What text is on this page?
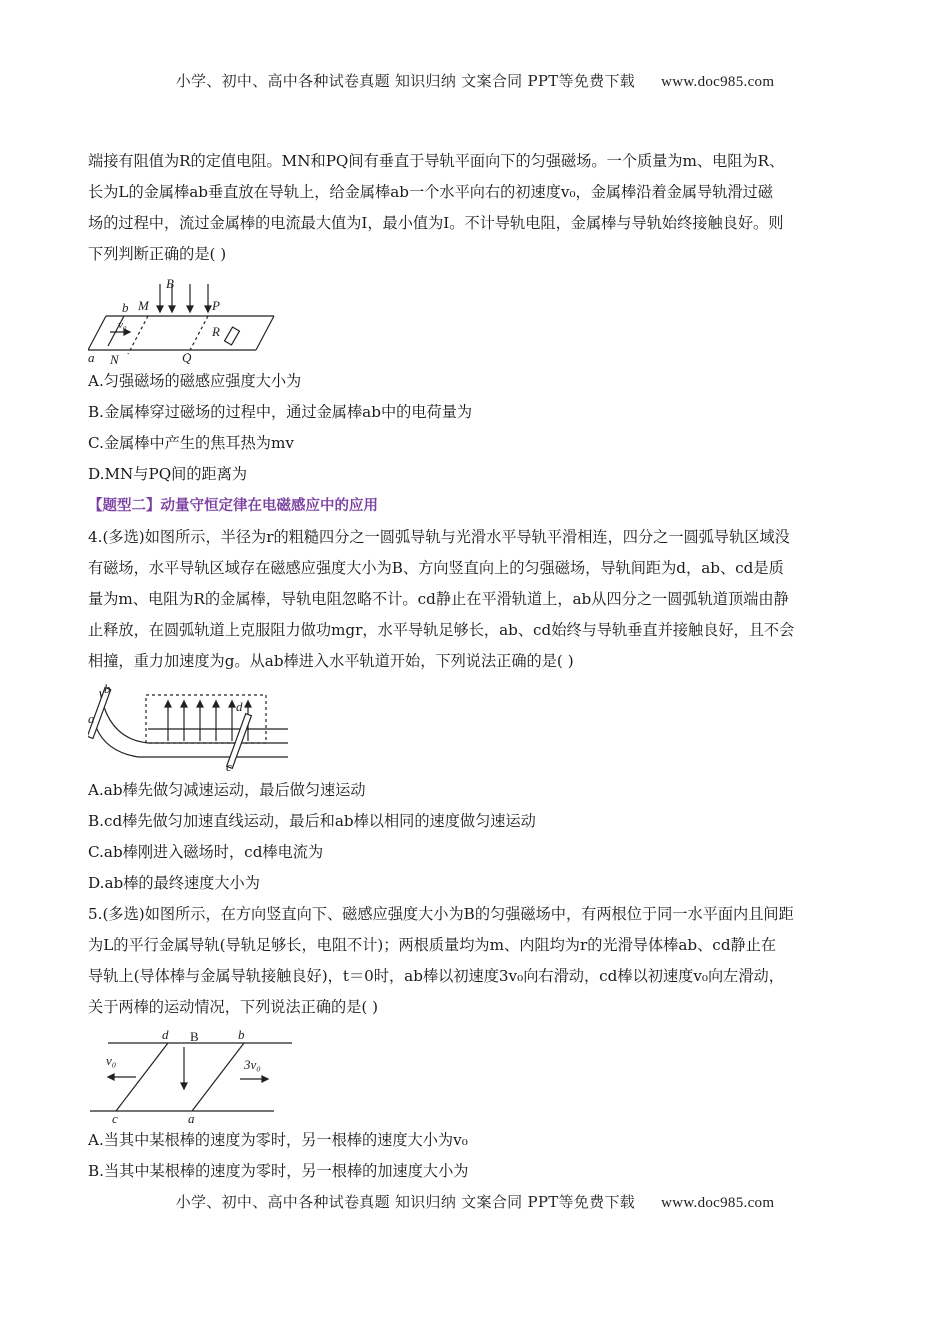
小学、初中、高中各种试卷真题 知识归纳 文案合同 PPT等免费下载 www.doc985.com

端接有阻值为R的定值电阻。MN和PQ间有垂直于导轨平面向下的匀强磁场。一个质量为m、电阻为R、

长为L的金属棒ab垂直放在导轨上，给金属棒ab一个水平向右的初速度v₀，金属棒沿着金属导轨滑过磁

场的过程中，流过金属棒的电流最大值为I，最小值为I。不计导轨电阻，金属棒与导轨始终接触良好。则

下列判断正确的是( )

b M
B
P
v₀	R
a N	Q

A.匀强磁场的磁感应强度大小为

B.金属棒穿过磁场的过程中，通过金属棒ab中的电荷量为

C.金属棒中产生的焦耳热为mv

D.MN与PQ间的距离为

【题型二】动量守恒定律在电磁感应中的应用

4.(多选)如图所示，半径为r的粗糙四分之一圆弧导轨与光滑水平导轨平滑相连，四分之一圆弧导轨区域没

有磁场，水平导轨区域存在磁感应强度大小为B、方向竖直向上的匀强磁场，导轨间距为d，ab、cd是质

量为m、电阻为R的金属棒，导轨电阻忽略不计。cd静止在平滑轨道上，ab从四分之一圆弧轨道顶端由静

止释放，在圆弧轨道上克服阻力做功mgr，水平导轨足够长，ab、cd始终与导轨垂直并接触良好，且不会

相撞，重力加速度为g。从ab棒进入水平轨道开始，下列说法正确的是( )

b
a
d
c

A.ab棒先做匀减速运动，最后做匀速运动

B.cd棒先做匀加速直线运动，最后和ab棒以相同的速度做匀速运动

C.ab棒刚进入磁场时，cd棒电流为

D.ab棒的最终速度大小为

5.(多选)如图所示，在方向竖直向下、磁感应强度大小为B的匀强磁场中，有两根位于同一水平面内且间距

为L的平行金属导轨(导轨足够长，电阻不计)；两根质量均为m、内阻均为r的光滑导体棒ab、cd静止在

导轨上(导体棒与金属导轨接触良好)，t＝0时，ab棒以初速度3v₀向右滑动，cd棒以初速度v₀向左滑动，

关于两棒的运动情况，下列说法正确的是( )

d B	b
v₀	3v₀
c	a

A.当其中某根棒的速度为零时，另一根棒的速度大小为v₀

B.当其中某根棒的速度为零时，另一根棒的加速度大小为

小学、初中、高中各种试卷真题 知识归纳 文案合同 PPT等免费下载 www.doc985.com
